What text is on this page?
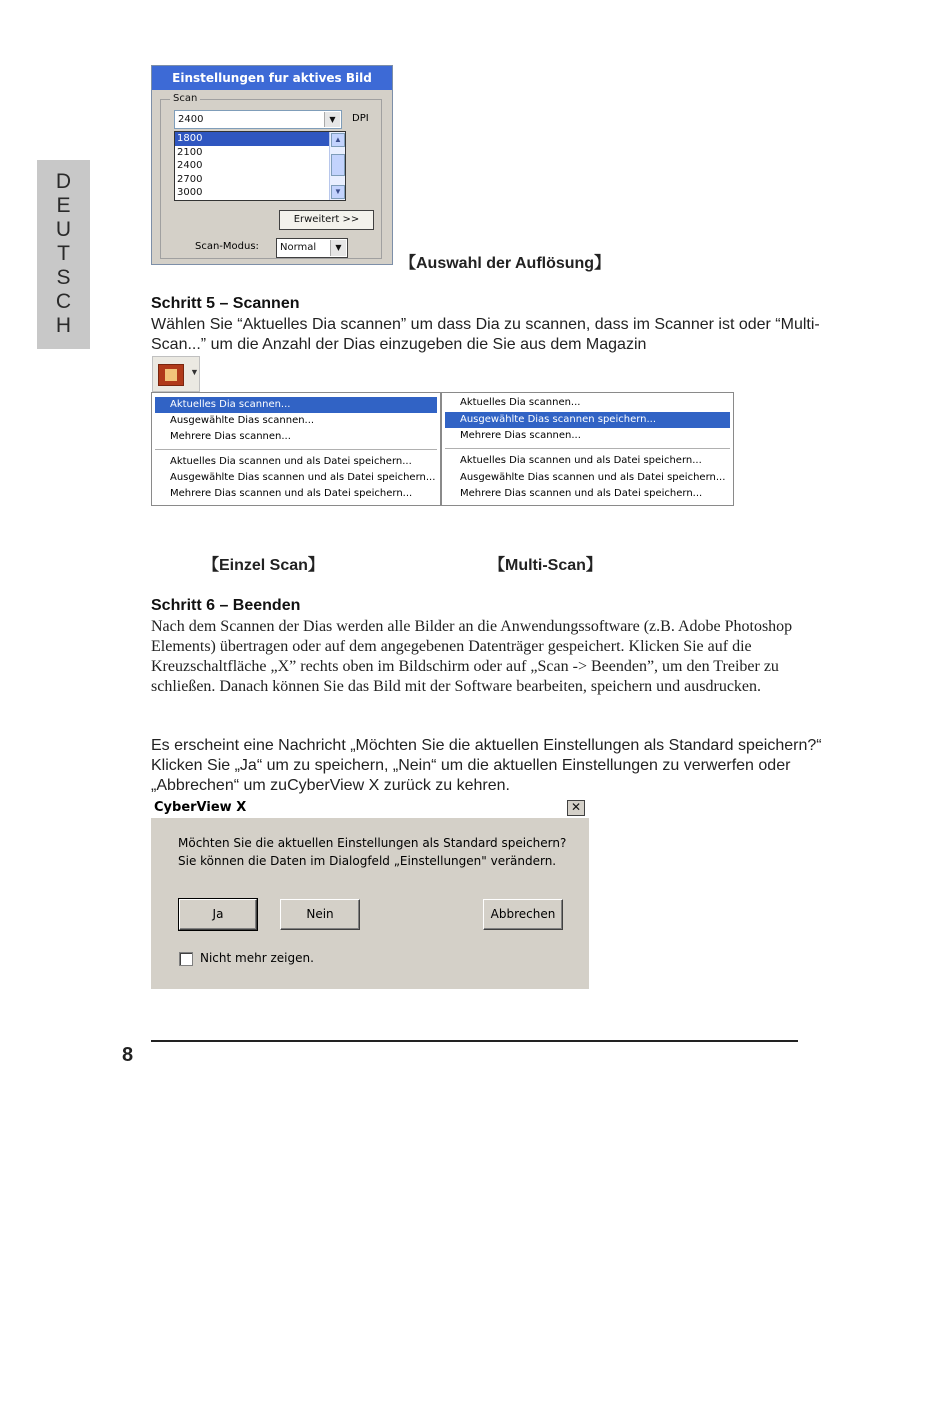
D
E
U
T
S
C
H
Einstellungen fur aktives Bild
Scan
2400	▼	DPI
1800
2100
2400
2700
3000
▲
▼
Erweitert >>
Scan-Modus:	Normal	▼
【Auswahl der Auflösung】
Schritt 5 – Scannen
Wählen Sie “Aktuelles Dia scannen” um dass Dia zu scannen, dass im Scanner ist oder “Multi-Scan...” um die Anzahl der Dias einzugeben die Sie aus dem Magazin
▼
Aktuelles Dia scannen...
Ausgewählte Dias scannen...
Mehrere Dias scannen...
Aktuelles Dia scannen und als Datei speichern...
Ausgewählte Dias scannen und als Datei speichern...
Mehrere Dias scannen und als Datei speichern...
Aktuelles Dia scannen...
Ausgewählte Dias scannen speichern...
Mehrere Dias scannen...
Aktuelles Dia scannen und als Datei speichern...
Ausgewählte Dias scannen und als Datei speichern...
Mehrere Dias scannen und als Datei speichern...
【Einzel Scan】	【Multi-Scan】
Schritt 6 – Beenden
Nach dem Scannen der Dias werden alle Bilder an die Anwendungssoftware (z.B. Adobe Photoshop Elements) übertragen oder auf dem angegebenen Datenträger gespeichert. Klicken Sie auf die Kreuzschaltfläche „X” rechts oben im Bildschirm oder auf „Scan -> Beenden”, um den Treiber zu schließen. Danach können Sie das Bild mit der Software bearbeiten, speichern und ausdrucken.
Es erscheint eine Nachricht „Möchten Sie die aktuellen Einstellungen als Standard speichern?“ Klicken Sie „Ja“ um zu speichern, „Nein“ um die aktuellen Einstellungen zu verwerfen oder „Abbrechen“ um zuCyberView X zurück zu kehren.
CyberView X	✕
Möchten Sie die aktuellen Einstellungen als Standard speichern? Sie können die Daten im Dialogfeld „Einstellungen" verändern.
Ja	Nein	Abbrechen
Nicht mehr zeigen.
8
